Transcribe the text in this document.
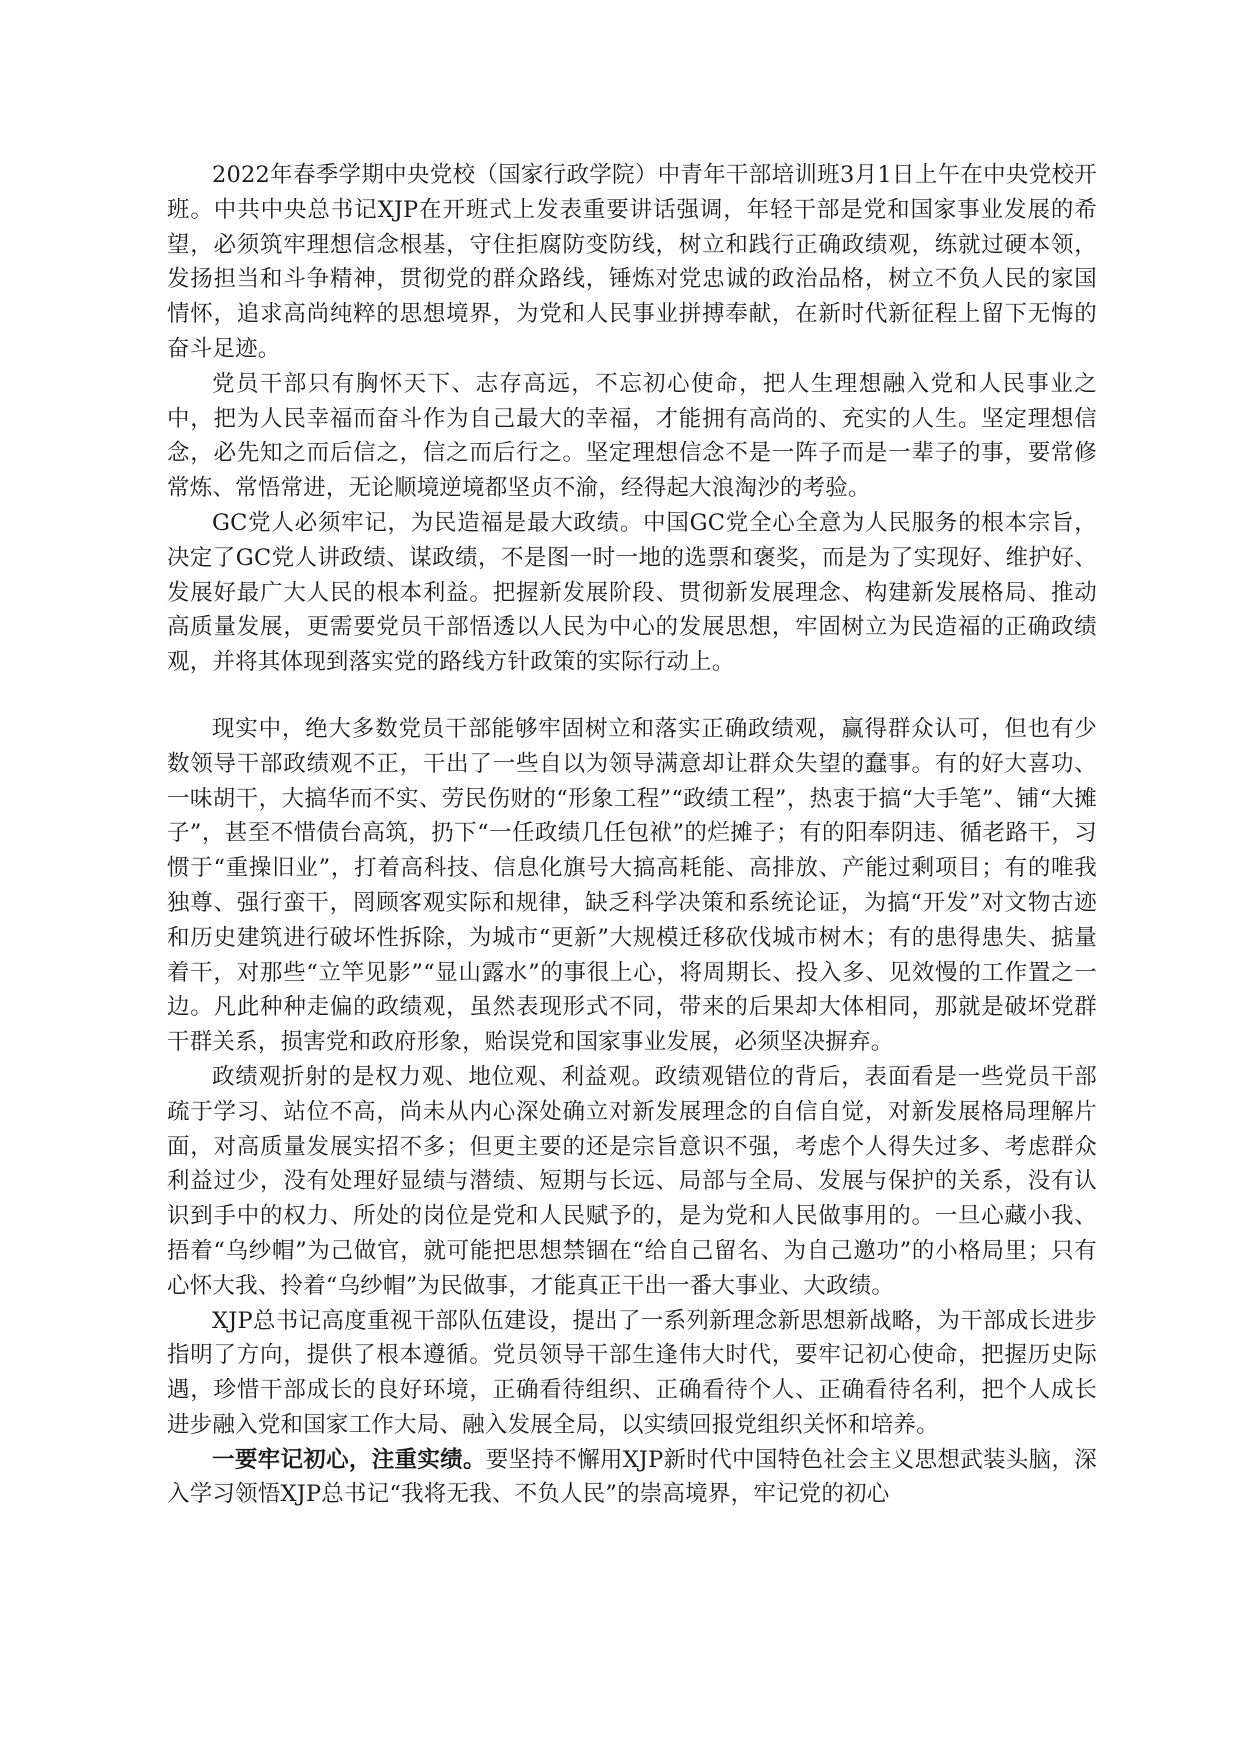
2022年春季学期中央党校（国家行政学院）中青年干部培训班3月1日上午在中央党校开班。中共中央总书记XJP在开班式上发表重要讲话强调，年轻干部是党和国家事业发展的希望，必须筑牢理想信念根基，守住拒腐防变防线，树立和践行正确政绩观，练就过硬本领，发扬担当和斗争精神，贯彻党的群众路线，锤炼对党忠诚的政治品格，树立不负人民的家国情怀，追求高尚纯粹的思想境界，为党和人民事业拼搏奉献，在新时代新征程上留下无悔的奋斗足迹。

党员干部只有胸怀天下、志存高远，不忘初心使命，把人生理想融入党和人民事业之中，把为人民幸福而奋斗作为自己最大的幸福，才能拥有高尚的、充实的人生。坚定理想信念，必先知之而后信之，信之而后行之。坚定理想信念不是一阵子而是一辈子的事，要常修常炼、常悟常进，无论顺境逆境都坚贞不渝，经得起大浪淘沙的考验。

GC党人必须牢记，为民造福是最大政绩。中国GC党全心全意为人民服务的根本宗旨，决定了GC党人讲政绩、谋政绩，不是图一时一地的选票和褒奖，而是为了实现好、维护好、发展好最广大人民的根本利益。把握新发展阶段、贯彻新发展理念、构建新发展格局、推动高质量发展，更需要党员干部悟透以人民为中心的发展思想，牢固树立为民造福的正确政绩观，并将其体现到落实党的路线方针政策的实际行动上。

现实中，绝大多数党员干部能够牢固树立和落实正确政绩观，赢得群众认可，但也有少数领导干部政绩观不正，干出了一些自以为领导满意却让群众失望的蠢事。有的好大喜功、一味胡干，大搞华而不实、劳民伤财的“形象工程”“政绩工程”，热衷于搞“大手笔”、铺“大摊子”，甚至不惜债台高筑，扔下“一任政绩几任包袱”的烂摊子；有的阳奉阴违、循老路干，习惯于“重操旧业”，打着高科技、信息化旗号大搞高耗能、高排放、产能过剩项目；有的唯我独尊、强行蛮干，罔顾客观实际和规律，缺乏科学决策和系统论证，为搞“开发”对文物古迹和历史建筑进行破坏性拆除，为城市“更新”大规模迁移砍伐城市树木；有的患得患失、掂量着干，对那些“立竿见影”“显山露水”的事很上心，将周期长、投入多、见效慢的工作置之一边。凡此种种走偏的政绩观，虽然表现形式不同，带来的后果却大体相同，那就是破坏党群干群关系，损害党和政府形象，贻误党和国家事业发展，必须坚决摒弃。

政绩观折射的是权力观、地位观、利益观。政绩观错位的背后，表面看是一些党员干部疏于学习、站位不高，尚未从内心深处确立对新发展理念的自信自觉，对新发展格局理解片面，对高质量发展实招不多；但更主要的还是宗旨意识不强，考虑个人得失过多、考虑群众利益过少，没有处理好显绩与潜绩、短期与长远、局部与全局、发展与保护的关系，没有认识到手中的权力、所处的岗位是党和人民赋予的，是为党和人民做事用的。一旦心藏小我、捂着“乌纱帽”为己做官，就可能把思想禁锢在“给自己留名、为自己邀功”的小格局里；只有心怀大我、拎着“乌纱帽”为民做事，才能真正干出一番大事业、大政绩。

XJP总书记高度重视干部队伍建设，提出了一系列新理念新思想新战略，为干部成长进步指明了方向，提供了根本遵循。党员领导干部生逢伟大时代，要牢记初心使命，把握历史际遇，珍惜干部成长的良好环境，正确看待组织、正确看待个人、正确看待名利，把个人成长进步融入党和国家工作大局、融入发展全局，以实绩回报党组织关怀和培养。

一要牢记初心，注重实绩。要坚持不懈用XJP新时代中国特色社会主义思想武装头脑，深入学习领悟XJP总书记“我将无我、不负人民”的崇高境界，牢记党的初心
